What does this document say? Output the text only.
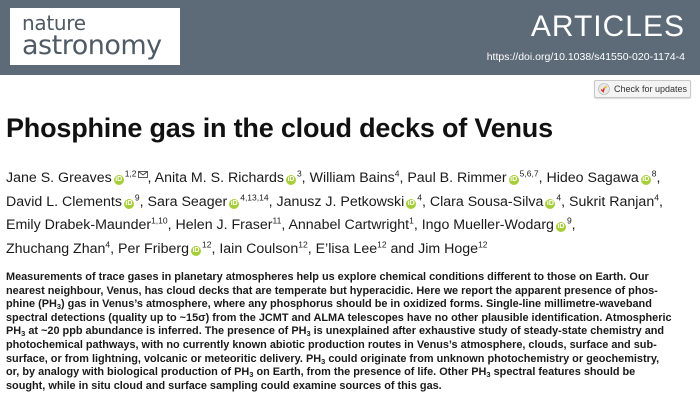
nature
astronomy
ARTICLES
https://doi.org/10.1038/s41550-020-1174-4
Check for updates
Phosphine gas in the cloud decks of Venus
Jane S. Greaves iD$^{1,2}$ , Anita M. S. Richards iD$^3$, William Bains$^4$, Paul B. Rimmer iD$^{5,6,7}$, Hideo Sagawa iD$^8$,
David L. Clements iD$^9$, Sara Seager iD$^{4,13,14}$, Janusz J. Petkowski iD$^4$, Clara Sousa-Silva iD$^4$, Sukrit Ranjan$^4$,
Emily Drabek-Maunder$^{1,10}$, Helen J. Fraser$^{11}$, Annabel Cartwright$^1$, Ingo Mueller-Wodarg iD$^9$,
Zhuchang Zhan$^4$, Per Friberg iD$^{12}$, Iain Coulson$^{12}$, E’lisa Lee$^{12}$ and Jim Hoge$^{12}$
Measurements of trace gases in planetary atmospheres help us explore chemical conditions different to those on Earth. Our
nearest neighbour, Venus, has cloud decks that are temperate but hyperacidic. Here we report the apparent presence of phos-
phine $(PH_3)$ gas in Venus’s atmosphere, where any phosphorus should be in oxidized forms. Single-line millimetre-waveband
spectral detections (quality up to ~15σ) from the JCMT and ALMA telescopes have no other plausible identification. Atmospheric
$PH_3$ at ~20 ppb abundance is inferred. The presence of $PH_3$ is unexplained after exhaustive study of steady-state chemistry and
photochemical pathways, with no currently known abiotic production routes in Venus’s atmosphere, clouds, surface and sub-
surface, or from lightning, volcanic or meteoritic delivery. $PH_3$ could originate from unknown photochemistry or geochemistry,
or, by analogy with biological production of $PH_3$ on Earth, from the presence of life. Other $PH_3$ spectral features should be
sought, while in situ cloud and surface sampling could examine sources of this gas.
